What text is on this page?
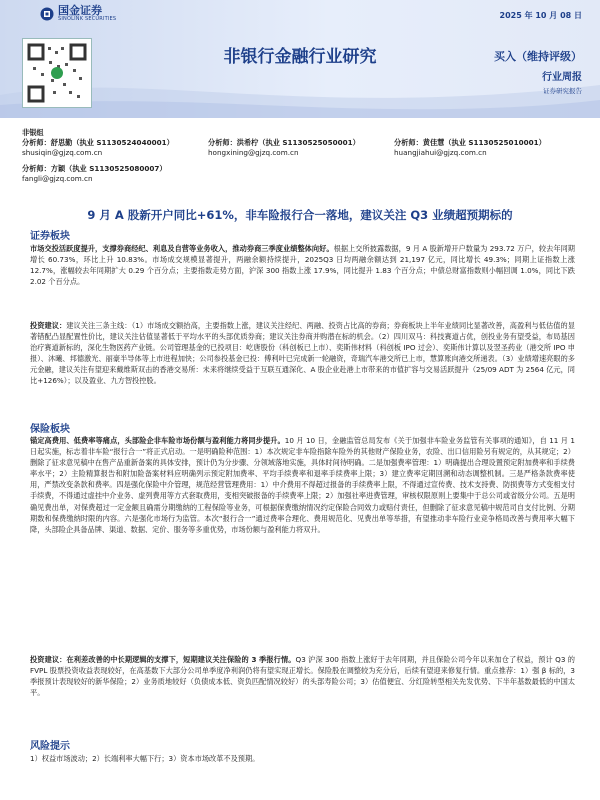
国金证券
SINOLINK SECURITIES	2025 年 10 月 08 日
非银行金融行业研究	买入（维持评级）
行业周报
证券研究报告
非银组
分析师：舒思勤（执业 S1130524040001）
shusiqin@gjzq.com.cn
分析师：洪希柠（执业 S1130525050001）
hongxining@gjzq.com.cn
分析师：黄佳慧（执业 S1130525010001）
huangjiahui@gjzq.com.cn
分析师：方颖（执业 S1130525080007）
fangli@gjzq.com.cn
9 月 A 股新开户同比+61%，非车险报行合一落地，建议关注 Q3 业绩超预期标的
证券板块

市场交投活跃度提升，支撑券商经纪、利息及自营等业务收入，推动券商三季度业绩整体向好。根据上交所披露数据，9 月 A 股新增开户数量为 293.72 万户，较去年同期增长 60.73%，环比上升 10.83%。市场成交规模显著提升，两融余额持续提升，2025Q3 日均两融余额达到 21,197 亿元，同比增长 49.3%；同期上证指数上涨 12.7%，涨幅较去年同期扩大 0.29 个百分点；主要指数走势方面，沪深 300 指数上涨 17.9%，同比提升 1.83 个百分点；中债总财富指数则小幅回调 1.0%，同比下跌 2.02 个百分点。

投资建议：建议关注三条主线：（1）市场成交额抬高，主要指数上涨，建议关注经纪、两融、投资占比高的券商；券商板块上半年业绩同比显著改善，高盈利与低估值的显著错配凸显配置性价比，建议关注估值显著低于平均水平的头部优质券商；建议关注券商并购潜在标的机会。（2）四川双马：科技赛道占优，创投业务有望受益，布局基因治疗赛道新标的，深化生物医药产业链。公司管理基金的已投项目：屹唐股份（科创板已上市）、奕斯伟材料（科创板 IPO 过会）、奕斯伟计算以及翌圣药业（港交所 IPO 申报）、沐曦、邦德激光、丽豪半导体等上市进程加快；公司参投基金已投：傅利叶已完成新一轮融资，奇瑞汽车港交所已上市，慧算账向港交所递表。（3）业绩增速亮眼的多元金融，建议关注有望迎来戴维斯双击的香港交易所：未来将继续受益于互联互通深化、A 股企业赴港上市带来的市值扩容与交易活跃提升（25/09 ADT 为 2564 亿元，同比+126%）；以及盈业、九方智投控股。

保险板块

锚定高费用、低费率等痛点，头部险企非车险市场份额与盈利能力将同步提升。10 月 10 日，金融监管总局发布《关于加强非车险业务监管有关事项的通知》，自 11 月 1 日起实施，标志着非车险“报行合一”将正式启动。一是明确险种范围：1）本次规定非车险指除车险外的其他财产保险业务，农险、出口信用险另有规定的，从其规定；2）删除了征求意见稿中在售产品重新备案的具体安排，预计仍为分步骤、分领域落地实施，具体时间待明确。二是加强费率管理：1）明确提出合理设置预定附加费率和手续费率水平；2）主险精算报告和附加险备案材料应明确列示预定附加费率、平均手续费率和退率手续费率上限；3）建立费率定期回溯和动态调整机制。三是严格条款费率使用，严禁改变条款和费率。四是强化保险中介管理，规范经营管理费用：1）中介费用不得超过报备的手续费率上限，不得通过宣传费、技术支持费、防损费等方式变相支付手续费，不得通过虚挂中介业务、虚列费用等方式套取费用，变相突破报备的手续费率上限；2）加强社率进费管理，审核权限原则上要集中于总公司或省级分公司。五是明确见费出单，对保费超过一定金额且确需分期缴纳的工程保险等业务，可根据保费缴纳情况约定保险合同效力或赔付责任，但删除了征求意见稿中规范司自支付比例、分期期数和保费缴纳时限的内容。六是强化市场行为监管。本次“报行合一”通过费率合理化、费用规范化、见费出单等举措，有望推动非车险行业竞争格局改善与费用率大幅下降，头部险企具备品牌、渠道、数据、定价、服务等多重优势，市场份额与盈利能力将双升。

投资建议：在利差改善的中长期逻辑的支撑下，短期建议关注保险的 3 季报行情。Q3 沪深 300 指数上涨好于去年同期，并且保险公司今年以来加仓了权益，预计 Q3 的 FVPL 股票投资收益表现较好，在高基数下大部分公司单季度净利润仍将有望实现正增长。保险股在调整较为充分后，后续有望迎来修复行情。重点推荐：1）强 β 标的，3 季报预计表现较好的新华保险；2）业务质地较好（负债成本低、资负匹配情况较好）的头部寿险公司；3）估值便宜、分红险转型相关先发优势、下半年基数最低的中国太平。

风险提示
1）权益市场波动；2）长端利率大幅下行；3）资本市场改革不及预期。
